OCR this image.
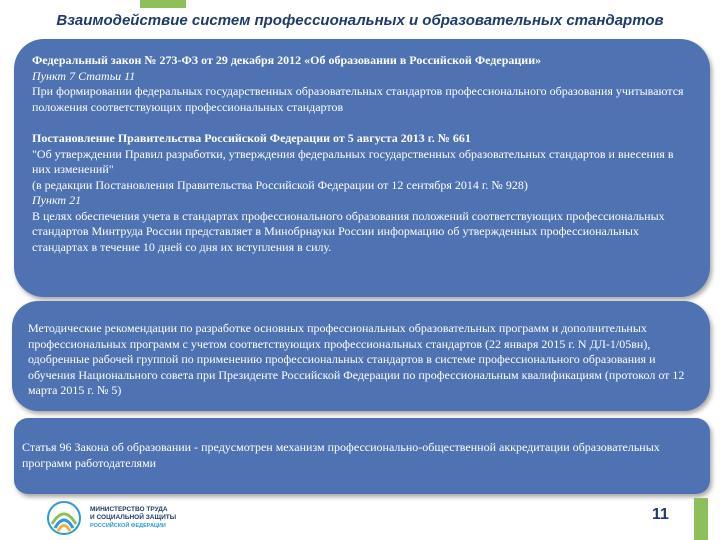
Взаимодействие систем профессиональных и образовательных стандартов
Федеральный закон № 273-ФЗ от 29 декабря 2012 «Об образовании в Российской Федерации»
Пункт 7 Статьи 11
При формировании федеральных государственных образовательных стандартов профессионального образования учитываются положения соответствующих профессиональных стандартов
Постановление Правительства Российской Федерации от 5 августа 2013 г. № 661
"Об утверждении Правил разработки, утверждения федеральных государственных образовательных стандартов и внесения в них изменений"
(в редакции Постановления Правительства Российской Федерации от 12 сентября 2014 г. № 928)
Пункт 21
В целях обеспечения учета в стандартах профессионального образования положений соответствующих профессиональных стандартов Минтруда России представляет в Минобрнауки России информацию об утвержденных профессиональных стандартах в течение 10 дней со дня их вступления в силу.
Методические рекомендации по разработке основных профессиональных образовательных программ и дополнительных профессиональных программ с учетом соответствующих профессиональных стандартов (22 января 2015 г. N ДЛ-1/05вн), одобренные рабочей группой по применению профессиональных стандартов в системе профессионального образования и обучения Национального совета при Президенте Российской Федерации по профессиональным квалификациям (протокол от 12 марта 2015 г. № 5)
Статья 96 Закона об образовании - предусмотрен механизм профессионально-общественной аккредитации образовательных программ работодателями
МИНИСТЕРСТВО ТРУДА
И СОЦИАЛЬНОЙ ЗАЩИТЫ
РОССИЙСКОЙ ФЕДЕРАЦИИ
11
